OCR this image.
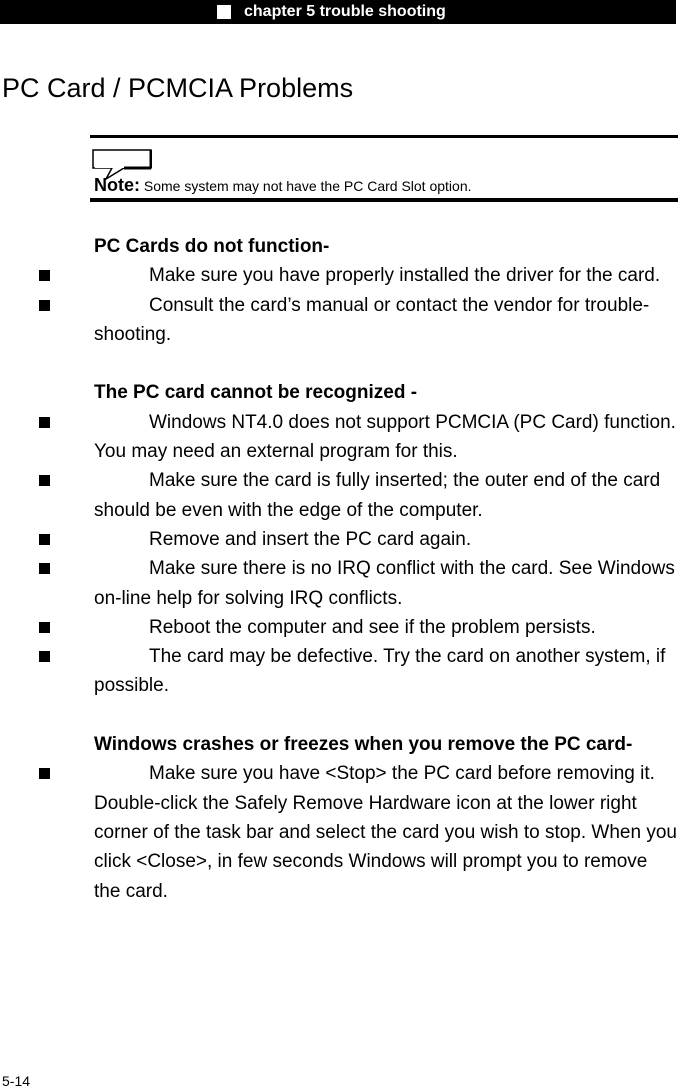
chapter 5 trouble shooting
PC Card / PCMCIA Problems
Note: Some system may not have the PC Card Slot option.
PC Cards do not function-
Make sure you have properly installed the driver for the card.
Consult the card’s manual or contact the vendor for trouble-shooting.
The PC card cannot be recognized -
Windows NT4.0 does not support PCMCIA (PC Card) function. You may need an external program for this.
Make sure the card is fully inserted; the outer end of the card should be even with the edge of the computer.
Remove and insert the PC card again.
Make sure there is no IRQ conflict with the card. See Windows on-line help for solving IRQ conflicts.
Reboot the computer and see if the problem persists.
The card may be defective. Try the card on another system, if possible.
Windows crashes or freezes when you remove the PC card-
Make sure you have <Stop> the PC card before removing it. Double-click the Safely Remove Hardware icon at the lower right corner of the task bar and select the card you wish to stop. When you click <Close>, in few seconds Windows will prompt you to remove the card.
5-14
